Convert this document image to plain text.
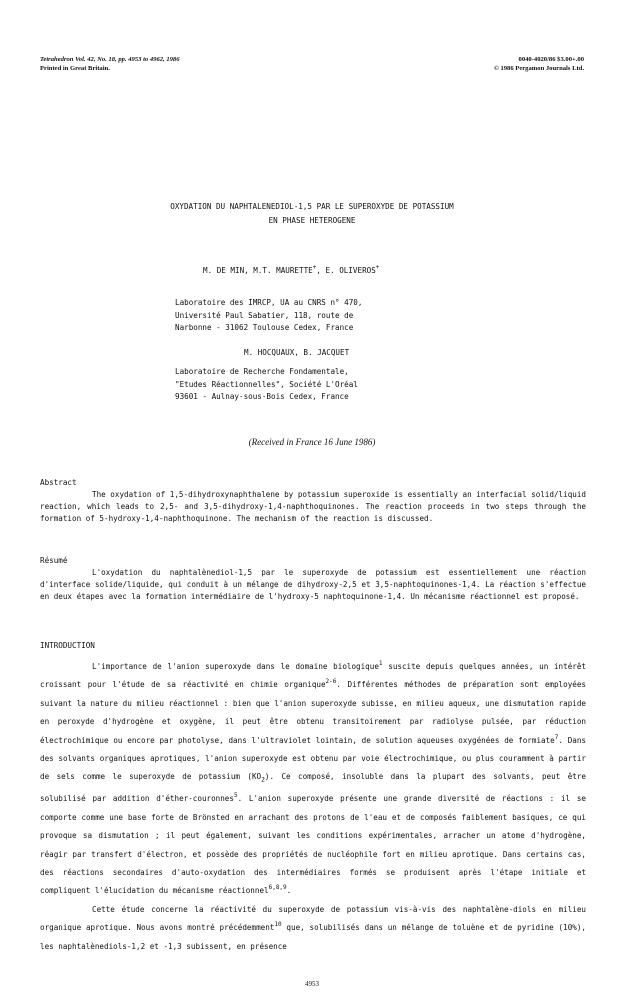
Tetrahedron Vol. 42, No. 18, pp. 4953 to 4962, 1986
Printed in Great Britain.
0040-4020/86 $3.00+.00
© 1986 Pergamon Journals Ltd.
OXYDATION DU NAPHTALENEDIOL-1,5 PAR LE SUPEROXYDE DE POTASSIUM
EN PHASE HETEROGENE
M. DE MIN, M.T. MAURETTE+, E. OLIVEROS+
Laboratoire des IMRCP, UA au CNRS n° 470,
Université Paul Sabatier, 118, route de
Narbonne - 31062 Toulouse Cedex, France
M. HOCQUAUX, B. JACQUET
Laboratoire de Recherche Fondamentale,
"Etudes Réactionnelles", Société L'Oréal
93601 - Aulnay-sous-Bois Cedex, France
(Received in France 16 June 1986)
Abstract

The oxydation of 1,5-dihydroxynaphthalene by potassium superoxide is essentially an interfacial solid/liquid reaction, which leads to 2,5- and 3,5-dihydroxy-1,4-naphthoquinones. The reaction proceeds in two steps through the formation of 5-hydroxy-1,4-naphthoquinone. The mechanism of the reaction is discussed.

Résumé

L'oxydation du naphtalènediol-1,5 par le superoxyde de potassium est essentiellement une réaction d'interface solide/liquide, qui conduit à un mélange de dihydroxy-2,5 et 3,5-naphtoquinones-1,4. La réaction s'effectue en deux étapes avec la formation intermédiaire de l'hydroxy-5 naphtoquinone-1,4. Un mécanisme réactionnel est proposé.

INTRODUCTION

L'importance de l'anion superoxyde dans le domaine biologique$^1$ suscite depuis quelques années, un intérêt croissant pour l'étude de sa réactivité en chimie organique$^{2-6}$. Différentes méthodes de préparation sont employées suivant la nature du milieu réactionnel : bien que l'anion superoxyde subisse, en milieu aqueux, une dismutation rapide en peroxyde d'hydrogène et oxygène, il peut être obtenu transitoirement par radiolyse pulsée, par réduction électrochimique ou encore par photolyse, dans l'ultraviolet lointain, de solution aqueuses oxygénées de formiate$^7$. Dans des solvants organiques aprotiques, l'anion superoxyde est obtenu par voie électrochimique, ou plus couramment à partir de sels comme le superoxyde de potassium $(KO_2)$. Ce composé, insoluble dans la plupart des solvants, peut être solubilisé par addition d'éther-couronnes$^5$. L'anion superoxyde présente une grande diversité de réactions : il se comporte comme une base forte de Brönsted en arrachant des protons de l'eau et de composés faiblement basiques, ce qui provoque sa dismutation ; il peut également, suivant les conditions expérimentales, arracher un atome d'hydrogène, réagir par transfert d'électron, et possède des propriétés de nucléophile fort en milieu aprotique. Dans certains cas, des réactions secondaires d'auto-oxydation des intermédiaires formés se produisent après l'étape initiale et compliquent l'élucidation du mécanisme réactionnel$^{6,8,9}$.

Cette étude concerne la réactivité du superoxyde de potassium vis-à-vis des naphtalène-diols en milieu organique aprotique. Nous avons montré précédemment$^{10}$ que, solubilisés dans un mélange de toluène et de pyridine (10%), les naphtalènediols-1,2 et -1,3 subissent, en présence

4953
